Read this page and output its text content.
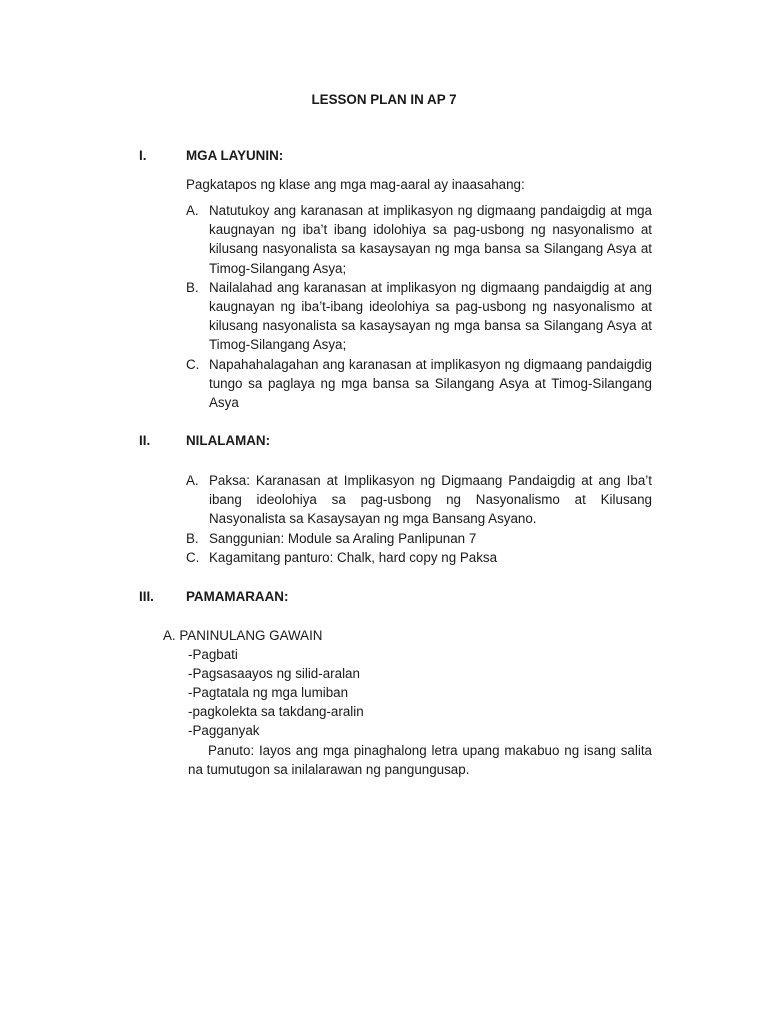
LESSON PLAN IN AP 7
I.	MGA LAYUNIN:
Pagkatapos ng klase ang mga mag-aaral ay inaasahang:
A. Natutukoy ang karanasan at implikasyon ng digmaang pandaigdig at mga kaugnayan ng iba’t ibang idolohiya sa pag-usbong ng nasyonalismo at kilusang nasyonalista sa kasaysayan ng mga bansa sa Silangang Asya at Timog-Silangang Asya;
B. Nailalahad ang karanasan at implikasyon ng digmaang pandaigdig at ang kaugnayan ng iba’t-ibang ideolohiya sa pag-usbong ng nasyonalismo at kilusang nasyonalista sa kasaysayan ng mga bansa sa Silangang Asya at Timog-Silangang Asya;
C. Napahahalagahan ang karanasan at implikasyon ng digmaang pandaigdig tungo sa paglaya ng mga bansa sa Silangang Asya at Timog-Silangang Asya
II.	NILALAMAN:
A. Paksa: Karanasan at Implikasyon ng Digmaang Pandaigdig at ang Iba’t ibang ideolohiya sa pag-usbong ng Nasyonalismo at Kilusang Nasyonalista sa Kasaysayan ng mga Bansang Asyano.
B. Sanggunian: Module sa Araling Panlipunan 7
C. Kagamitang panturo: Chalk, hard copy ng Paksa
III. PAMAMARAAN:
A. PANINULANG GAWAIN
-Pagbati
-Pagsasaayos ng silid-aralan
-Pagtatala ng mga lumiban
-pagkolekta sa takdang-aralin
-Pagganyak
Panuto: Iayos ang mga pinaghalong letra upang makabuo ng isang salita na tumutugon sa inilalarawan ng pangungusap.
